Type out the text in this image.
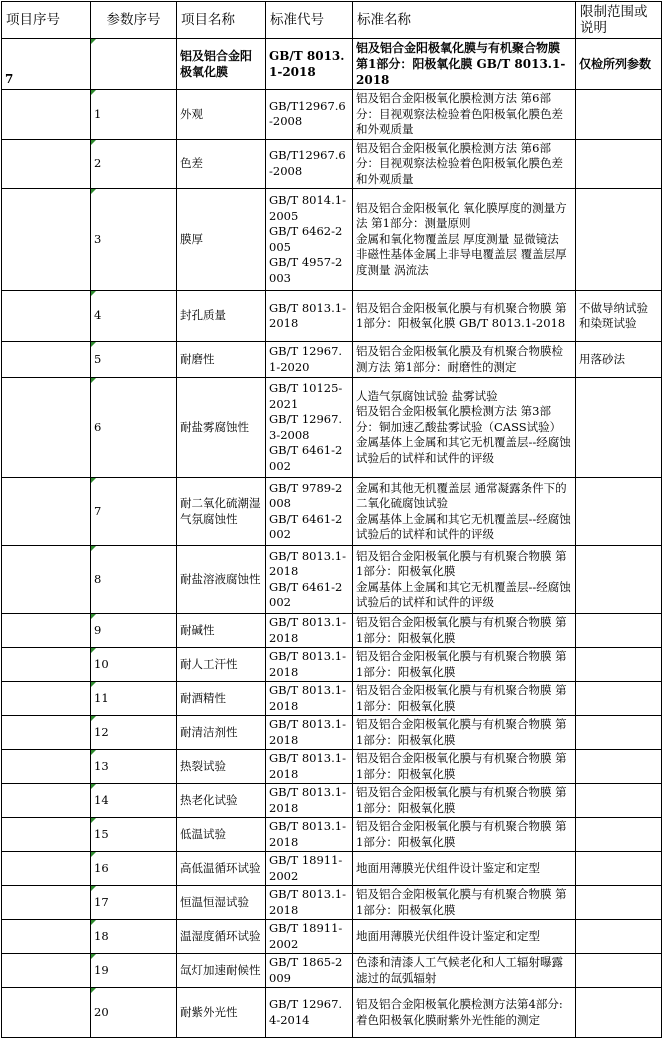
项目序号	参数序号	项目名称	标准代号	标准名称	限制范围或说明
7		铝及铝合金阳极氧化膜	GB/T 8013.1-2018	铝及铝合金阳极氧化膜与有机聚合物膜 第1部分：阳极氧化膜 GB/T 8013.1-2018	仅检所列参数
	1	外观	GB/T12967.6-2008	铝及铝合金阳极氧化膜检测方法 第6部分：目视观察法检验着色阳极氧化膜色差和外观质量	

	2	色差	GB/T12967.6-2008	铝及铝合金阳极氧化膜检测方法 第6部分：目视观察法检验着色阳极氧化膜色差和外观质量	

	3	膜厚	GB/T 8014.1-2005
GB/T 6462-2005
GB/T 4957-2003	铝及铝合金阳极氧化 氧化膜厚度的测量方法 第1部分：测量原则
金属和氧化物覆盖层 厚度测量 显微镜法
非磁性基体金属上非导电覆盖层 覆盖层厚度测量 涡流法	

	4	封孔质量	GB/T 8013.1-2018	铝及铝合金阳极氧化膜与有机聚合物膜 第1部分：阳极氧化膜 GB/T 8013.1-2018	不做导纳试验和染斑试验
	5	耐磨性	GB/T 12967.1-2020	铝及铝合金阳极氧化膜及有机聚合物膜检测方法 第1部分：耐磨性的测定	用落砂法
	6	耐盐雾腐蚀性	GB/T 10125-2021
GB/T 12967.3-2008
GB/T 6461-2002	人造气氛腐蚀试验 盐雾试验
铝及铝合金阳极氧化膜检测方法 第3部分：铜加速乙酸盐雾试验（CASS试验）
金属基体上金属和其它无机覆盖层--经腐蚀试验后的试样和试件的评级	

	7	耐二氧化硫潮湿气氛腐蚀性	GB/T 9789-2008
GB/T 6461-2002	金属和其他无机覆盖层 通常凝露条件下的二氧化硫腐蚀试验
金属基体上金属和其它无机覆盖层--经腐蚀试验后的试样和试件的评级	

	8	耐盐溶液腐蚀性	GB/T 8013.1-2018
GB/T 6461-2002	铝及铝合金阳极氧化膜与有机聚合物膜 第1部分：阳极氧化膜
金属基体上金属和其它无机覆盖层--经腐蚀试验后的试样和试件的评级	

	9	耐碱性	GB/T 8013.1-2018	铝及铝合金阳极氧化膜与有机聚合物膜 第1部分：阳极氧化膜	

	10	耐人工汗性	GB/T 8013.1-2018	铝及铝合金阳极氧化膜与有机聚合物膜 第1部分：阳极氧化膜	

	11	耐酒精性	GB/T 8013.1-2018	铝及铝合金阳极氧化膜与有机聚合物膜 第1部分：阳极氧化膜	

	12	耐清洁剂性	GB/T 8013.1-2018	铝及铝合金阳极氧化膜与有机聚合物膜 第1部分：阳极氧化膜	

	13	热裂试验	GB/T 8013.1-2018	铝及铝合金阳极氧化膜与有机聚合物膜 第1部分：阳极氧化膜	

	14	热老化试验	GB/T 8013.1-2018	铝及铝合金阳极氧化膜与有机聚合物膜 第1部分：阳极氧化膜	

	15	低温试验	GB/T 8013.1-2018	铝及铝合金阳极氧化膜与有机聚合物膜 第1部分：阳极氧化膜	

	16	高低温循环试验	GB/T 18911-2002	地面用薄膜光伏组件设计鉴定和定型	

	17	恒温恒湿试验	GB/T 8013.1-2018	铝及铝合金阳极氧化膜与有机聚合物膜 第1部分：阳极氧化膜	

	18	温湿度循环试验	GB/T 18911-2002	地面用薄膜光伏组件设计鉴定和定型	

	19	氙灯加速耐候性	GB/T 1865-2009	色漆和清漆人工气候老化和人工辐射曝露滤过的氙弧辐射	

	20	耐紫外光性	GB/T 12967.4-2014	铝及铝合金阳极氧化膜检测方法第4部分:着色阳极氧化膜耐紫外光性能的测定	
